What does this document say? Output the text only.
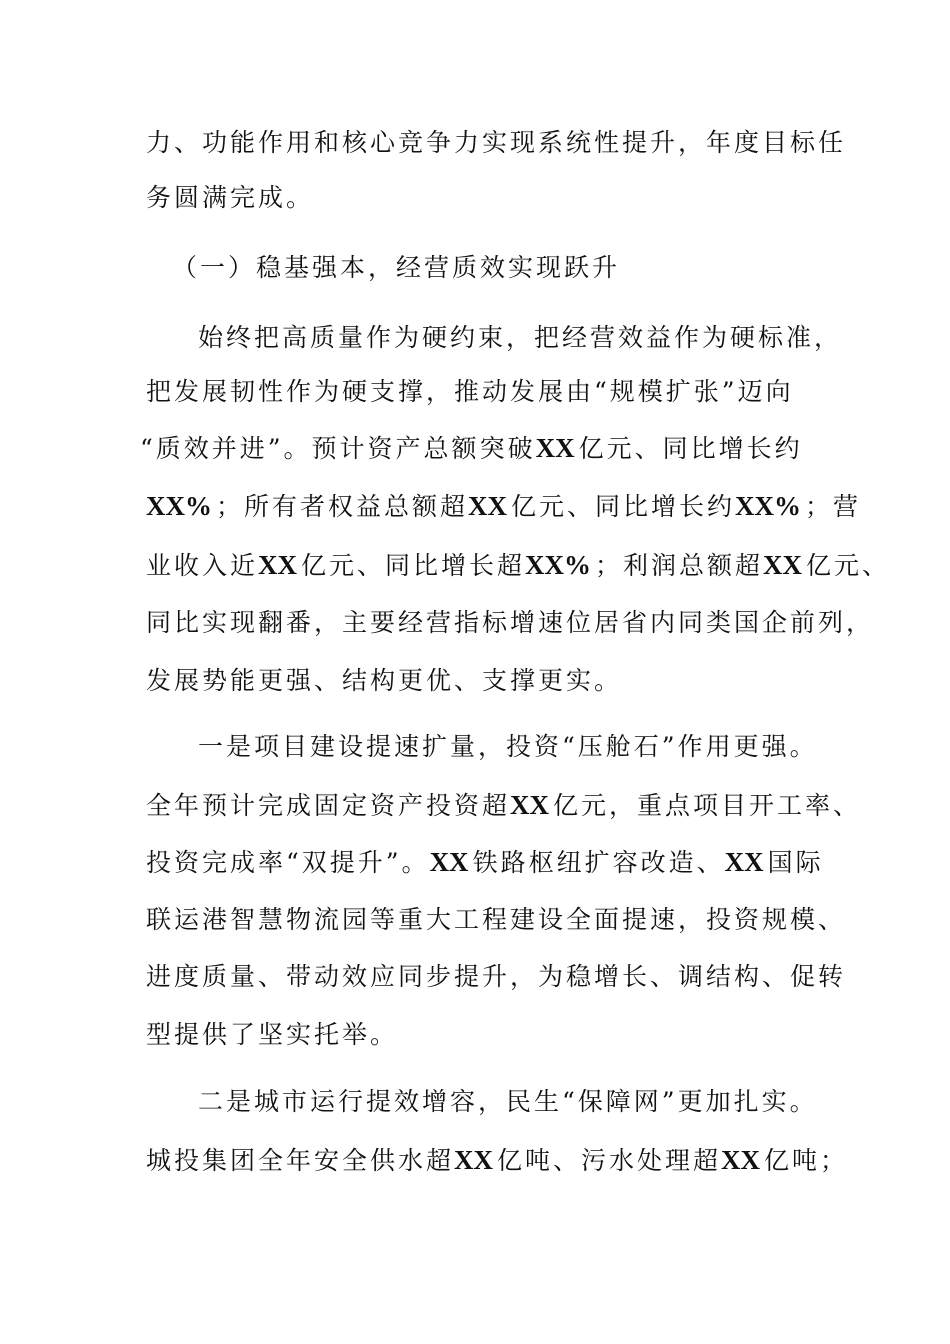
力、功能作用和核心竞争力实现系统性提升，年度目标任
务圆满完成。
（一）稳基强本，经营质效实现跃升
始终把高质量作为硬约束，把经营效益作为硬标准，
把发展韧性作为硬支撑，推动发展由“规模扩张”迈向
“质效并进”。预计资产总额突破XX 亿元、同比增长约
XX% ；所有者权益总额超XX 亿元、同比增长约XX% ；营
业收入近XX 亿元、同比增长超XX% ；利润总额超XX 亿元、
同比实现翻番，主要经营指标增速位居省内同类国企前列，
发展势能更强、结构更优、支撑更实。
一是项目建设提速扩量，投资“压舱石”作用更强。
全年预计完成固定资产投资超XX 亿元，重点项目开工率、
投资完成率“双提升”。XX 铁路枢纽扩容改造、XX 国际
联运港智慧物流园等重大工程建设全面提速，投资规模、
进度质量、带动效应同步提升，为稳增长、调结构、促转
型提供了坚实托举。
二是城市运行提效增容，民生“保障网”更加扎实。
城投集团全年安全供水超XX 亿吨、污水处理超XX 亿吨；
